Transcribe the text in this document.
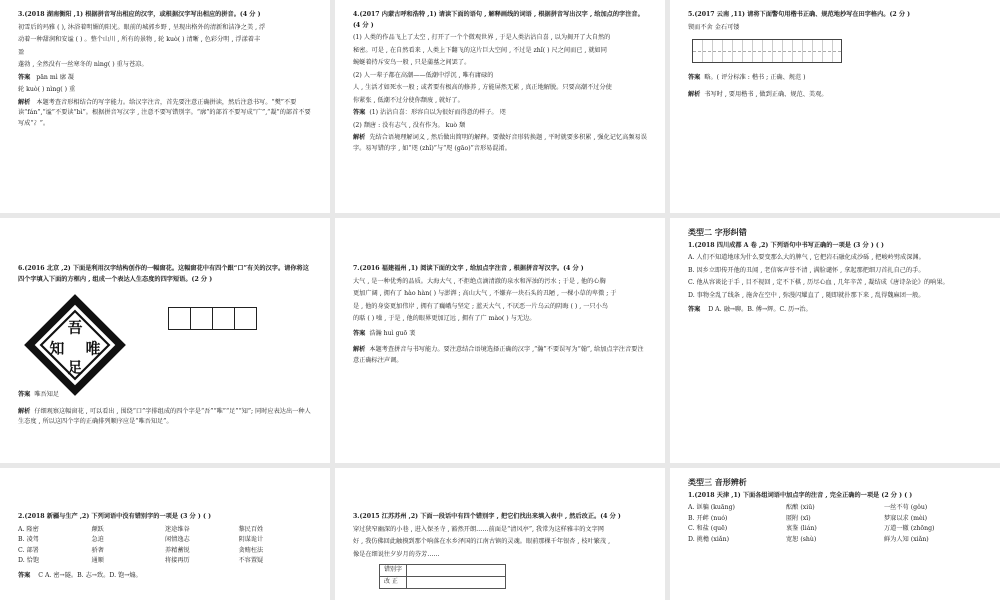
3.(2018 湖南衡阳 ,1) 根据拼音写出相应的汉字，或根据汉字写出相应的拼音。(4 分 )

初雪后的玛雅 ( ), 沐浴着明媚的阳光。眼前的城郭乡野 , 呈现出格外的清新和洁净之美 , 浮

动着一种甜润和安谧 ( ) 。整个山川 , 所有的景物 , 轮 kuò( ) 清晰 , 色彩分明 , 浮漾着丰

盈

蓬勃 , 全然没有一丝寒冬的 nìng( ) 重与苍凉。

答案 pān mì 廓 凝

轮 kuò( ) nìng( ) 重

解析 本题考查音形相结合的写字能力。给汉字注音，首先要注意正确拼读，然后注意书写。“樊”不要读“fán”,“谧”不要读“bì”。根据拼音写汉字 , 注意不要写错别字。“廓”的部首不要写成“广”,“凝”的部首不要写成“冫”。

4.(2017 内蒙古呼和浩特 ,1) 请读下面的语句 , 解释画线的词语 , 根据拼音写出汉字 , 给加点的字注音。(4 分 )

(1) 人类的作品飞上了太空 , 打开了一个个微观世界 , 于是人类沾沾自喜 , 以为揭开了大自然的

秘密。可是 , 在自然看来 , 人类上下翻飞的这片巨大空间 , 不过是 zhǐ( ) 尺之间而已 , 就如同

蜿蜒着持斥安鸟一般 , 只是蒲墓之间罢了。

(2) 人一辈子都在高潮——低潮中浮沉 , 唯有庸碌的

人 , 生活才如死水一般 ; 或者要有极高的修养 , 方能屏然无累 , 真正地解脱。只要高潮不过分使

你紧张 , 低潮不过分使你颓废 , 就好了。

答案 (1) 沾沾自喜：形容自以为很好而得意的样子。 咫

(2) 颓唐 : 没有志气 , 没有作为。 kuò 颓

解析 先结合语境理解词义 , 然后做出简明的解释。要做好音形转换题 , 平时就要多积累 , 强化记忆高频易误字。易写错的字 , 如“咫 (zhǐ)”与“咫 (gāo)”音形易混淆。

5.(2017 云南 ,11) 请将下面警句用楷书正确、规范地抄写在田字格内。(2 分 )

锲而不舍 金石可镂

答案 略。( 评分标准 : 楷书 ; 正确、规范 )

解析 书写时 , 要用楷书 , 做到正确、规范、美观。

6.(2016 北京 ,2) 下面是利用汉字结构创作的一幅窗花。这幅窗花中有四个跟“口”有关的汉字。请你将这四个字填入下面的方框内 , 组成一个表达人生态度的四字短语。(2 分 )

答案 唯吾知足

解析 仔细观察这幅窗花 , 可以看出 , 围绕“口”字排组成的四个字是“吾”“唯”“足”“知”; 同时应表达出一种人生态度 , 所以这四个字的正确排列顺序应是“唯吾知足”。

吾
唯
知
足

7.(2016 福建福州 ,1) 阅读下面的文字 , 给加点字注音 , 根据拼音写汉字。(4 分 )

大气 , 是一种优秀的品质。大海大气 , 不拒绝点滴清澈的泉水和浑浊的污水 ; 于是 , 他的心胸

更加广阔 , 拥有了 hào hàn( ) 与澎湃 ; 高山大气 , 不嫌弃一块石头的丑陋 , 一棵小草的卑微 ; 于

是 , 他的身姿更加伟岸 , 拥有了巍峨与坚定 ; 蓝天大气 , 不厌恶一片乌云的阴晦 ( ) , 一只小鸟

的聒 ( ) 噪 , 于是 , 他的眼界更加辽远 , 拥有了广 mào( ) 与无边。

答案 浩瀚 huì guō 袤

解析 本题考查拼音与书写能力。要注意结合语境选择正确的汉字 ,“瀚”不要误写为“翰”, 给加点字注音要注意正确标注声调。

类型二 字形纠错

1.(2018 四川成都 A 卷 ,2) 下列语句中书写正确的一项是 (3 分 ) ( )

A. 人们不知道地球为什么要变那么大的脾气 , 它把岩石融化成沙砾 , 把峻岭劈成深渊。

B. 因乡立即传开他的丑闻 , 老信客声誉不清 , 满脸谴怀 , 拿起那把细刀首扎自己的手。

C. 他从容谈论于手 , 目不视回 , 定不下棋 , 历尽心血 , 几年辛苦 , 凝结成《唐诗杂论》的响果。

D. 事物全乱了线条 , 施舍在空中 , 弥漫闪耀直了 , 随即就扑那下来 , 乱得魏麻团一般。

答案 D A. 融→聊。B. 傅→辉。C. 历→治。

2.(2018 新疆与生产 ,2) 下列词语中没有错别字的一项是 (3 分 ) ( )

A. 隆密	颠跃	迷途维谷	黎民百姓
B. 凌驾	急迫	闲情逸志	阴谋诡计
C. 部署	骄奢	养精蓄锐	贪贿枉法
D. 恰饱	通顺	将接再历	不容置疑

答案 C A. 密→隧。B. 志→致。D. 饱→煽。

3.(2015 江苏苏州 ,2) 下面一段话中有四个错别字 , 把它们找出来填入表中 , 然后改正。(4 分 )

穿过狭窄幽深的小巷 , 进入保圣寺 , 豁然开朗……前面是“清风亭”, 我常为这样雅丰的文字网

好 , 我仿佛回此触摸到那个响落在水乡泽国的江南古镇的灵魂。眼前那棵千年银杏 , 枝叶繁茂 ,

像是在细说往夕岁月的芬芳……

错别字	
改 正	

类型三 音形辨析

1.(2018 天津 ,1) 下面各组词语中加点字的注音 , 完全正确的一项是 (2 分 ) ( )

A. 诓骗 (kuāng)	酝酿 (xiū)	一丝不苟 (gǒu)
B. 开衅 (nuó)	匿附 (xī)	梦寐以求 (mèi)
C. 和盐 (quē)	衷鉴 (lián)	万道一辙 (zhōng)
D. 挑檐 (xiǎn)	宽恕 (shù)	鲜为人知 (xiǎn)
